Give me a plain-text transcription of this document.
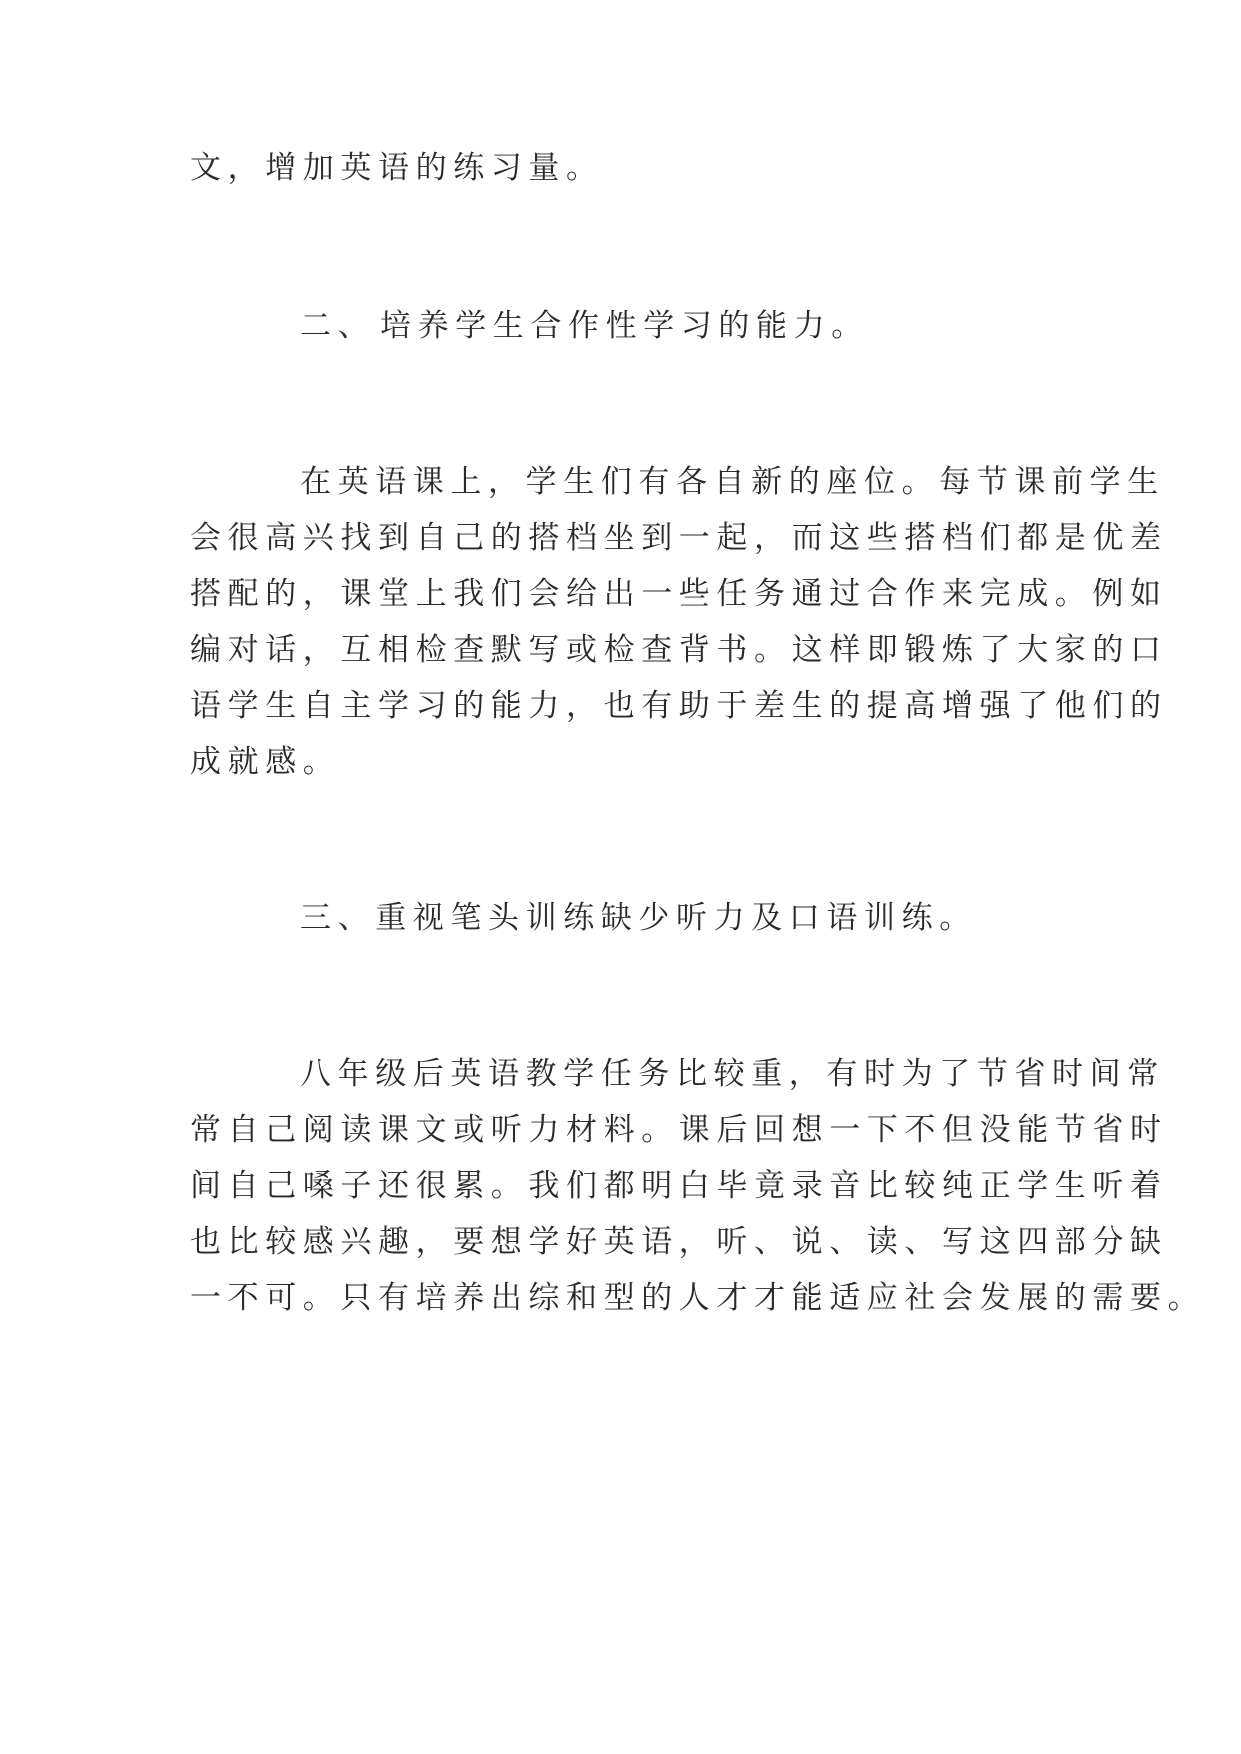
文，增加英语的练习量。
二、 培养学生合作性学习的能力。
在英语课上，学生们有各自新的座位。每节课前学生
会很高兴找到自己的搭档坐到一起，而这些搭档们都是优差
搭配的，课堂上我们会给出一些任务通过合作来完成。例如
编对话，互相检查默写或检查背书。这样即锻炼了大家的口
语学生自主学习的能力，也有助于差生的提高增强了他们的
成就感。
三、重视笔头训练缺少听力及口语训练。
八年级后英语教学任务比较重，有时为了节省时间常
常自己阅读课文或听力材料。课后回想一下不但没能节省时
间自己嗓子还很累。我们都明白毕竟录音比较纯正学生听着
也比较感兴趣，要想学好英语，听、说、读、写这四部分缺
一不可。只有培养出综和型的人才才能适应社会发展的需要。
